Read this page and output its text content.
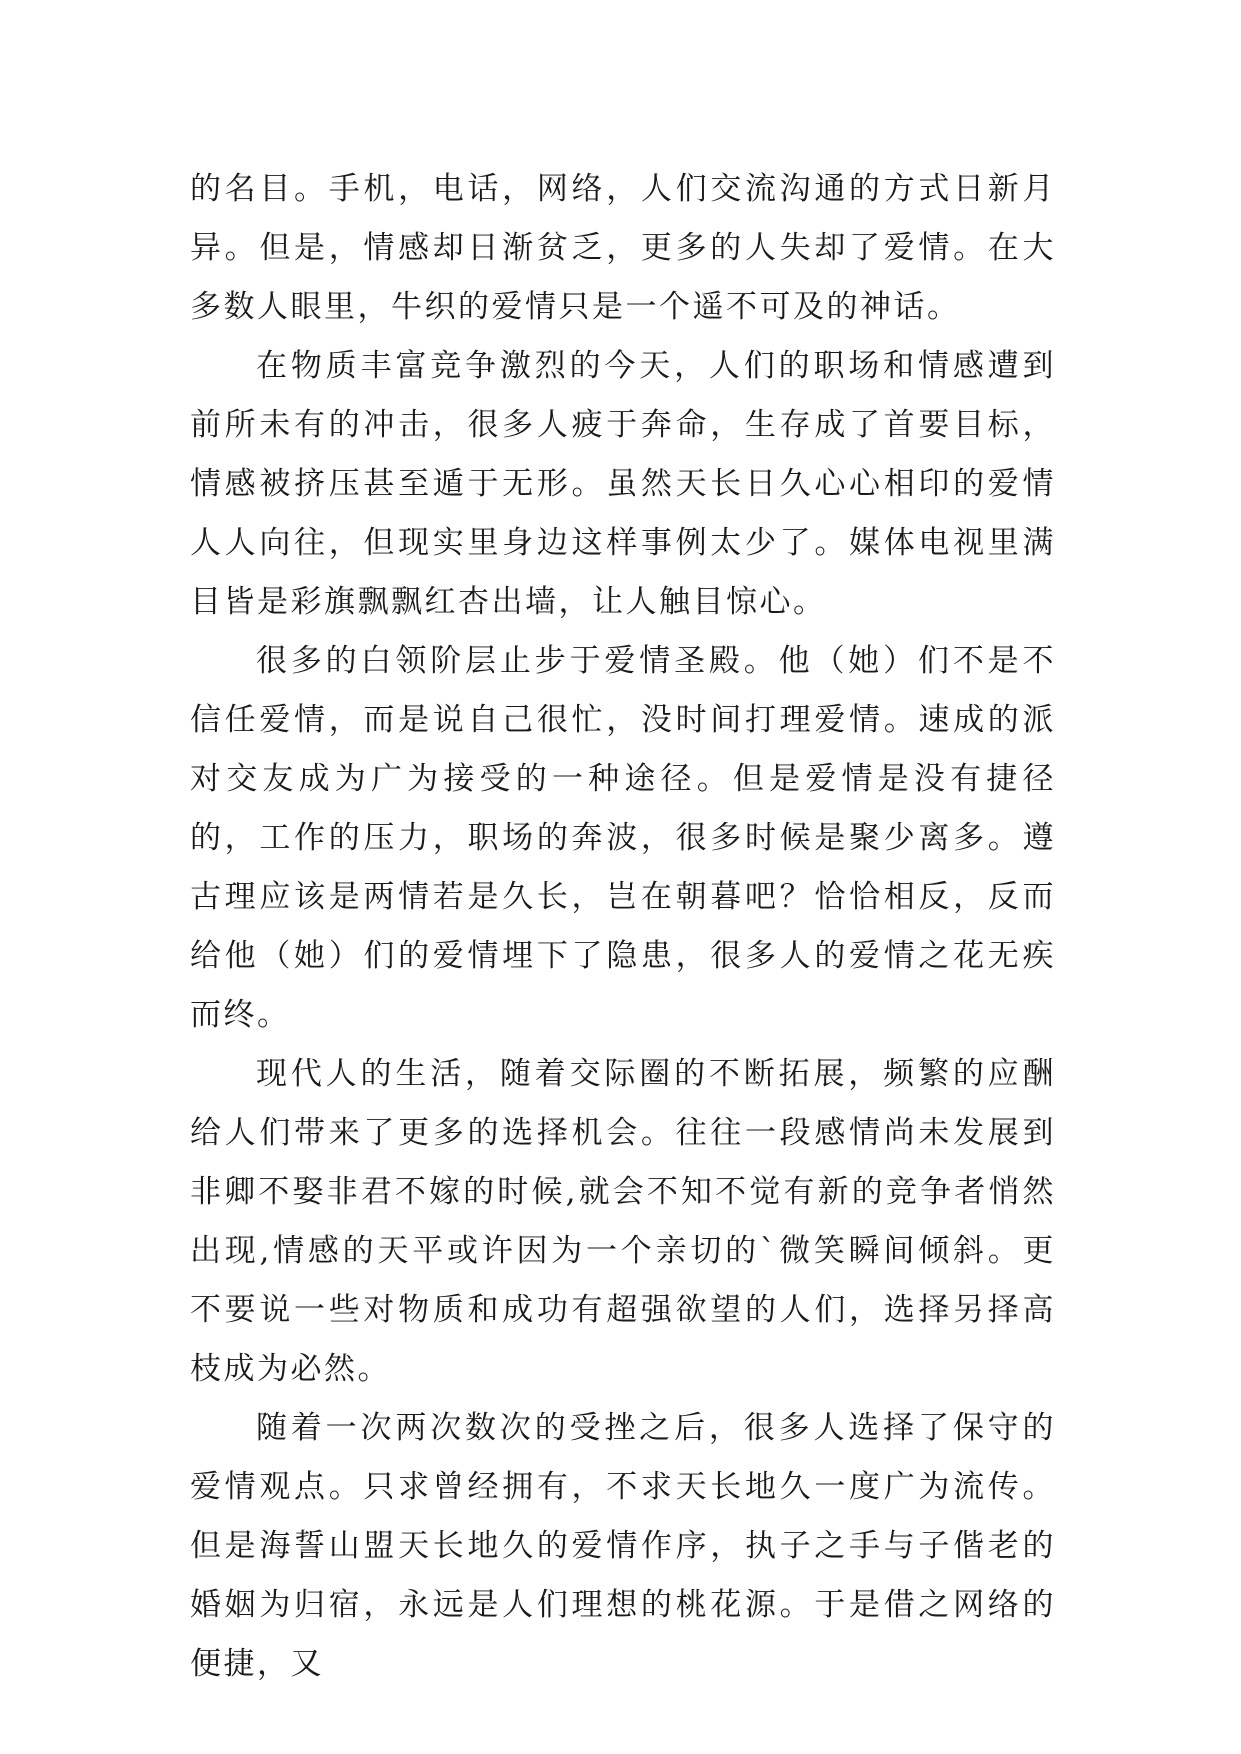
的名目。手机，电话，网络，人们交流沟通的方式日新月异。但是，情感却日渐贫乏，更多的人失却了爱情。在大多数人眼里，牛织的爱情只是一个遥不可及的神话。

在物质丰富竞争激烈的今天，人们的职场和情感遭到前所未有的冲击，很多人疲于奔命，生存成了首要目标，情感被挤压甚至遁于无形。虽然天长日久心心相印的爱情人人向往，但现实里身边这样事例太少了。媒体电视里满目皆是彩旗飘飘红杏出墙，让人触目惊心。

很多的白领阶层止步于爱情圣殿。他（她）们不是不信任爱情，而是说自己很忙，没时间打理爱情。速成的派对交友成为广为接受的一种途径。但是爱情是没有捷径的，工作的压力，职场的奔波，很多时候是聚少离多。遵古理应该是两情若是久长，岂在朝暮吧？恰恰相反，反而给他（她）们的爱情埋下了隐患，很多人的爱情之花无疾而终。

现代人的生活，随着交际圈的不断拓展，频繁的应酬给人们带来了更多的选择机会。往往一段感情尚未发展到非卿不娶非君不嫁的时候,就会不知不觉有新的竞争者悄然出现,情感的天平或许因为一个亲切的`微笑瞬间倾斜。更不要说一些对物质和成功有超强欲望的人们，选择另择高枝成为必然。

随着一次两次数次的受挫之后，很多人选择了保守的爱情观点。只求曾经拥有，不求天长地久一度广为流传。但是海誓山盟天长地久的爱情作序，执子之手与子偕老的婚姻为归宿，永远是人们理想的桃花源。于是借之网络的便捷，又
